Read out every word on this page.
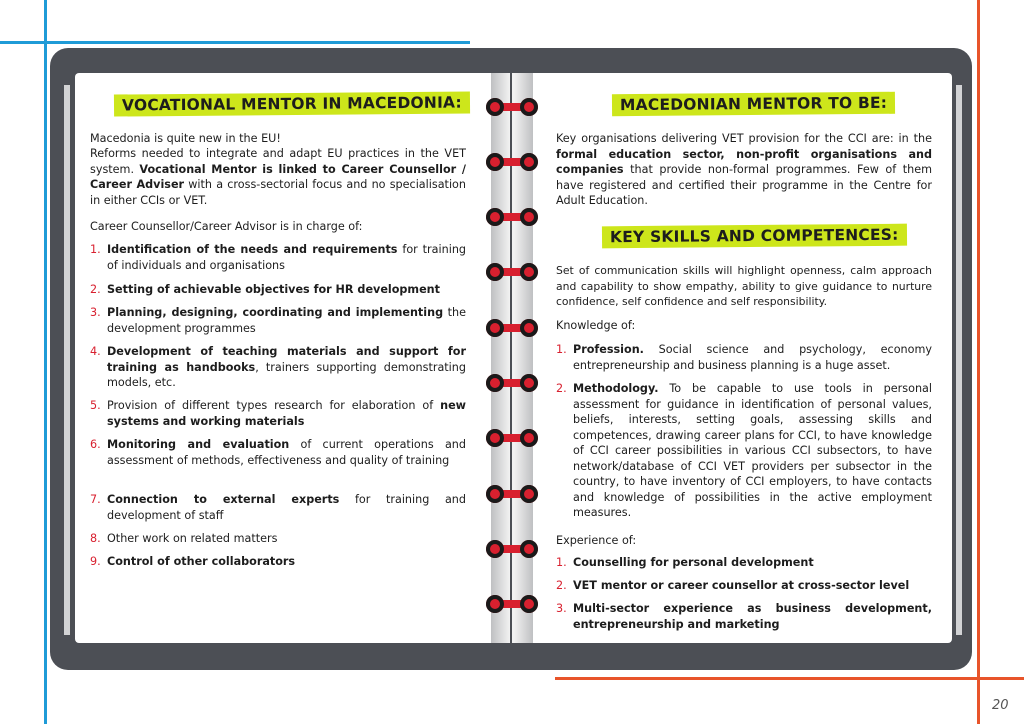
VOCATIONAL MENTOR IN MACEDONIA:
Macedonia is quite new in the EU!
Reforms needed to integrate and adapt EU practices in the VET system. Vocational Mentor is linked to Career Counsellor / Career Adviser with a cross-sectorial focus and no specialisation in either CCIs or VET.
Career Counsellor/Career Advisor is in charge of:
1. Identification of the needs and requirements for training of individuals and organisations
2. Setting of achievable objectives for HR development
3. Planning, designing, coordinating and implementing the development programmes
4. Development of teaching materials and support for training as handbooks, trainers supporting demonstrating models, etc.
5. Provision of different types research for elaboration of new systems and working materials
6. Monitoring and evaluation of current operations and assessment of methods, effectiveness and quality of training
7. Connection to external experts for training and development of staff
8. Other work on related matters
9. Control of other collaborators
MACEDONIAN MENTOR TO BE:
Key organisations delivering VET provision for the CCI are: in the formal education sector, non-profit organisations and companies that provide non-formal programmes. Few of them have registered and certified their programme in the Centre for Adult Education.
KEY SKILLS AND COMPETENCES:
Set of communication skills will highlight openness, calm approach and capability to show empathy, ability to give guidance to nurture confidence, self confidence and self responsibility.
Knowledge of:
1. Profession. Social science and psychology, economy entrepreneurship and business planning is a huge asset.
2. Methodology. To be capable to use tools in personal assessment for guidance in identification of personal values, beliefs, interests, setting goals, assessing skills and competences, drawing career plans for CCI, to have knowledge of CCI career possibilities in various CCI subsectors, to have network/database of CCI VET providers per subsector in the country, to have inventory of CCI employers, to have contacts and knowledge of possibilities in the active employment measures.
Experience of:
1. Counselling for personal development
2. VET mentor or career counsellor at cross-sector level
3. Multi-sector experience as business development, entrepreneurship and marketing
20
